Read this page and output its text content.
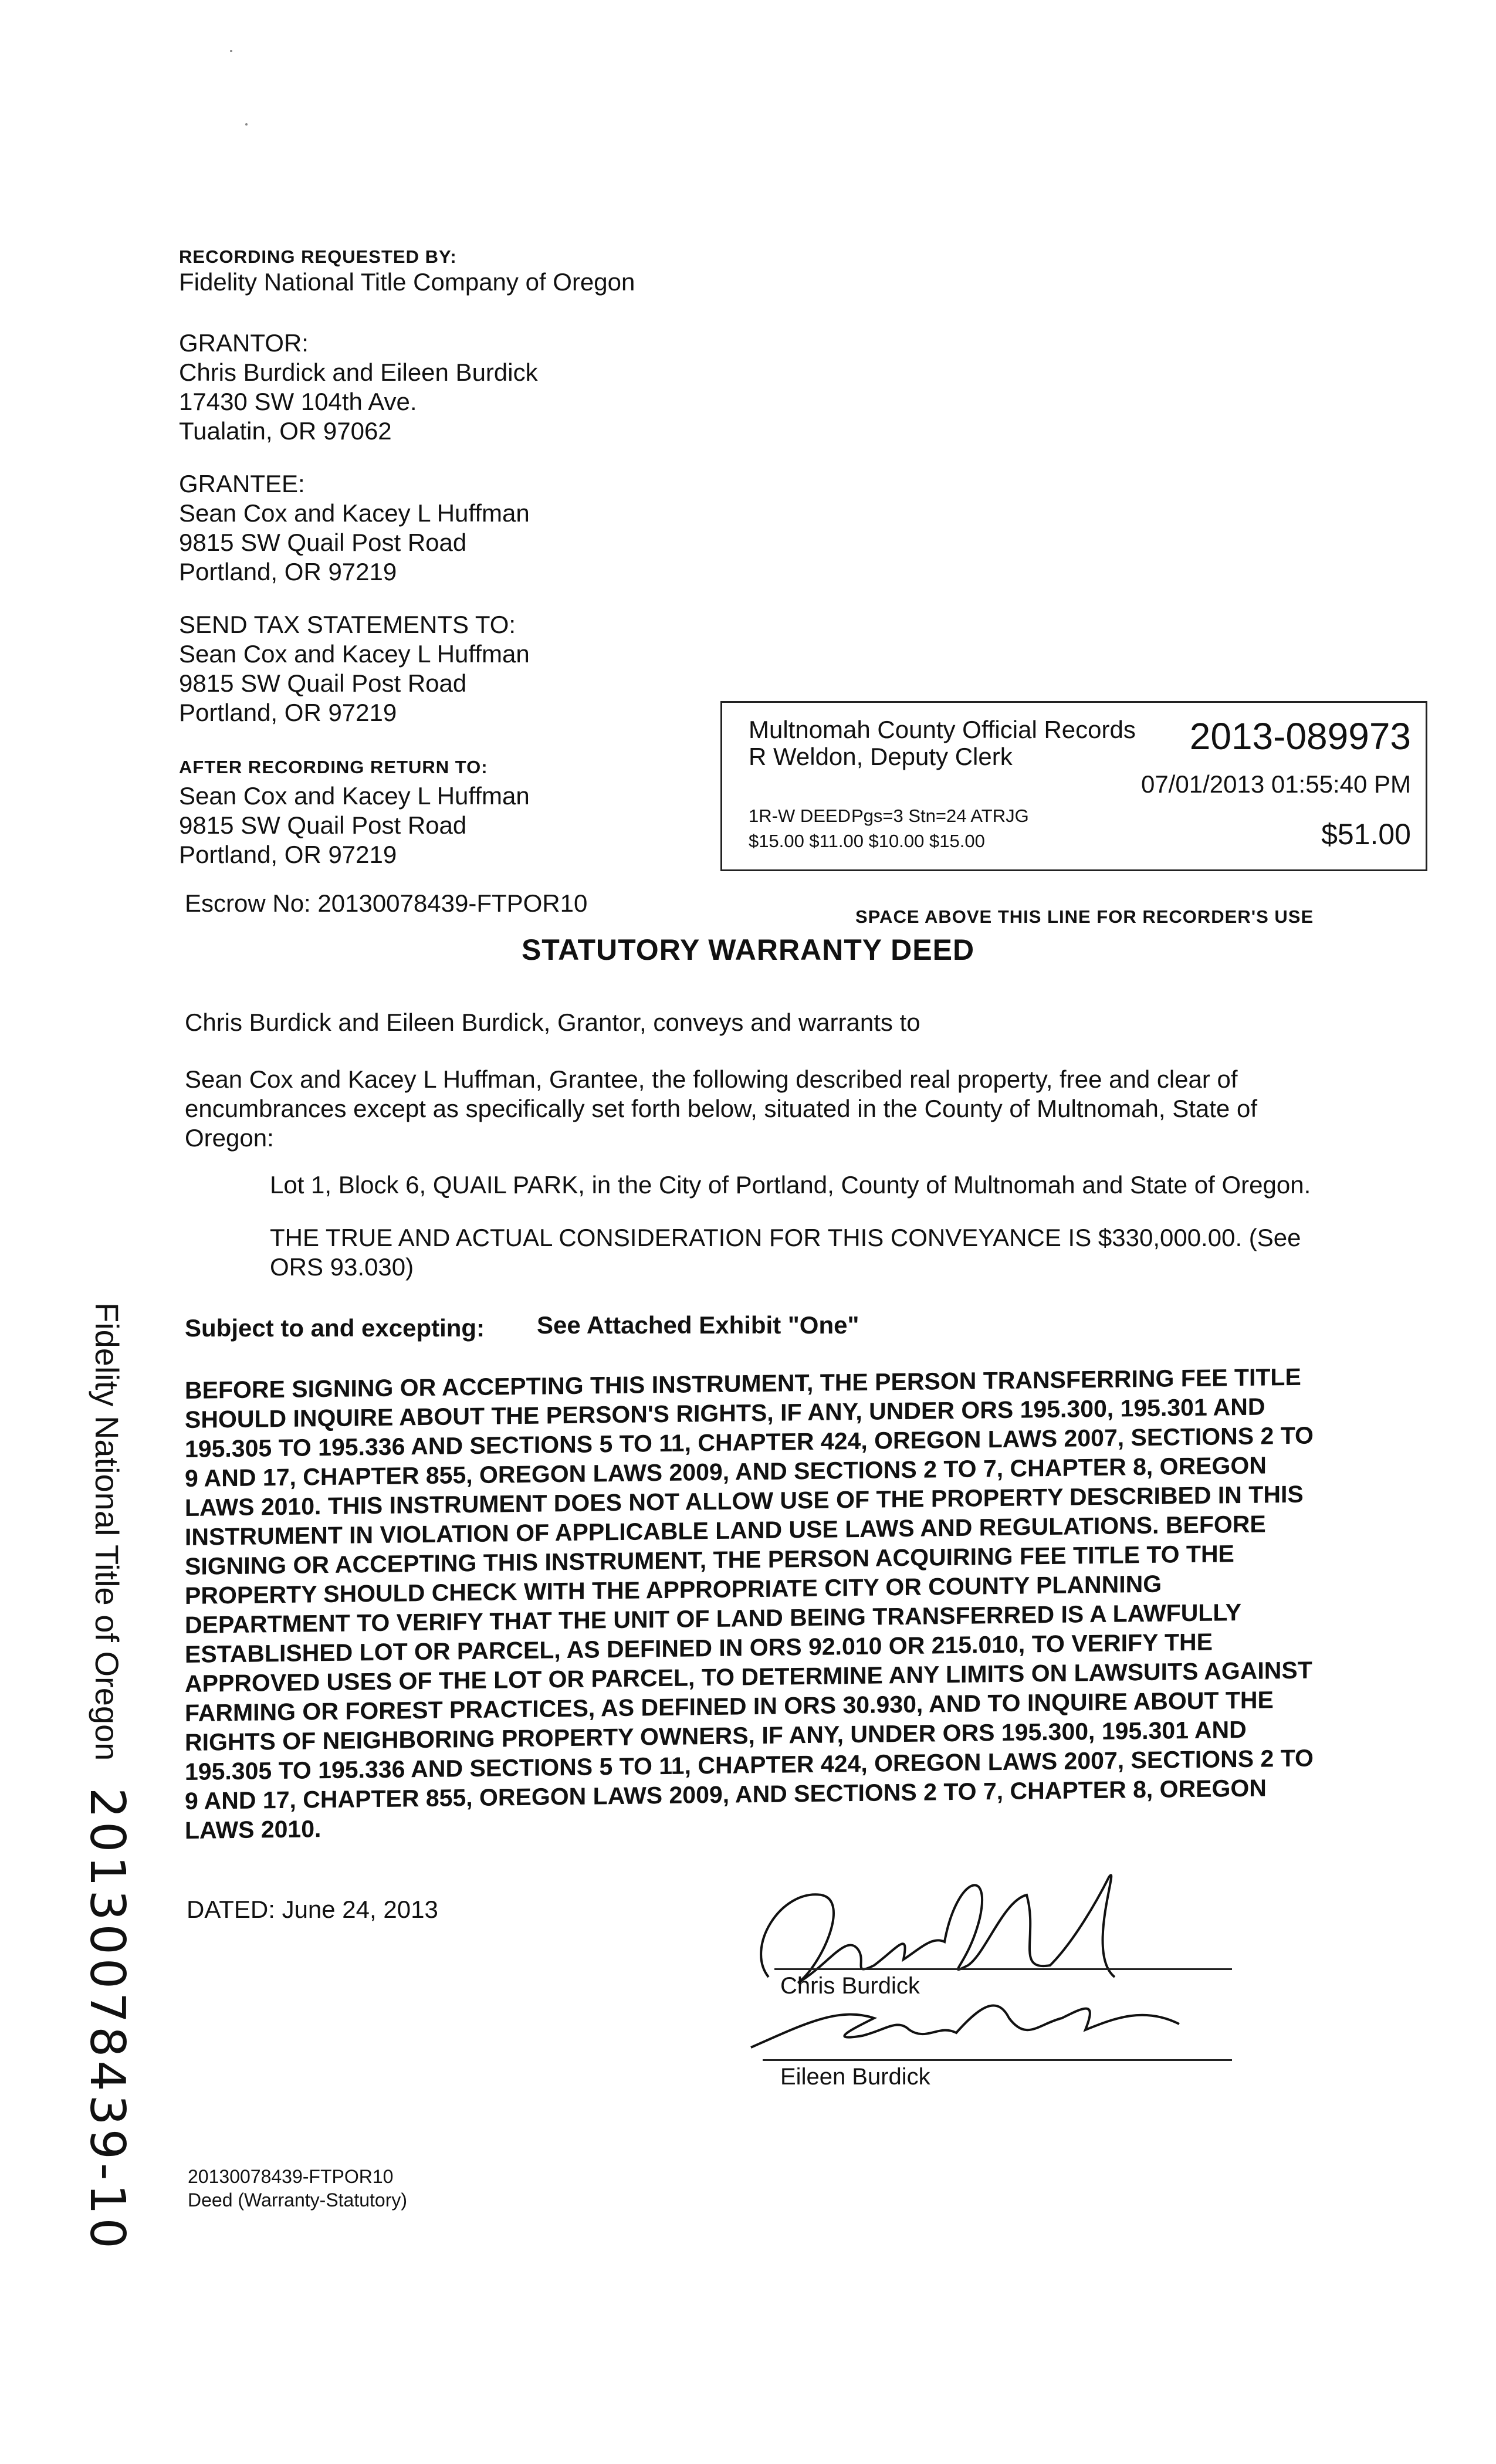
RECORDING REQUESTED BY:
Fidelity National Title Company of Oregon
GRANTOR:
Chris Burdick and Eileen Burdick
17430 SW 104th Ave.
Tualatin, OR 97062
GRANTEE:
Sean Cox and Kacey L Huffman
9815 SW Quail Post Road
Portland, OR 97219
SEND TAX STATEMENTS TO:
Sean Cox and Kacey L Huffman
9815 SW Quail Post Road
Portland, OR 97219
AFTER RECORDING RETURN TO:
Sean Cox and Kacey L Huffman
9815 SW Quail Post Road
Portland, OR 97219
Escrow No: 20130078439-FTPOR10
Multnomah County Official Records
R Weldon, Deputy Clerk	2013-089973
07/01/2013 01:55:40 PM
1R-W DEED Pgs=3 Stn=24 ATRJG
$15.00 $11.00 $10.00 $15.00	$51.00
SPACE ABOVE THIS LINE FOR RECORDER'S USE
STATUTORY WARRANTY DEED
Chris Burdick and Eileen Burdick, Grantor, conveys and warrants to
Sean Cox and Kacey L Huffman, Grantee, the following described real property, free and clear of encumbrances except as specifically set forth below, situated in the County of Multnomah, State of Oregon:
Lot 1, Block 6, QUAIL PARK, in the City of Portland, County of Multnomah and State of Oregon.
THE TRUE AND ACTUAL CONSIDERATION FOR THIS CONVEYANCE IS $330,000.00. (See ORS 93.030)
Subject to and excepting: See Attached Exhibit "One"
BEFORE SIGNING OR ACCEPTING THIS INSTRUMENT, THE PERSON TRANSFERRING FEE TITLE SHOULD INQUIRE ABOUT THE PERSON'S RIGHTS, IF ANY, UNDER ORS 195.300, 195.301 AND 195.305 TO 195.336 AND SECTIONS 5 TO 11, CHAPTER 424, OREGON LAWS 2007, SECTIONS 2 TO 9 AND 17, CHAPTER 855, OREGON LAWS 2009, AND SECTIONS 2 TO 7, CHAPTER 8, OREGON LAWS 2010. THIS INSTRUMENT DOES NOT ALLOW USE OF THE PROPERTY DESCRIBED IN THIS INSTRUMENT IN VIOLATION OF APPLICABLE LAND USE LAWS AND REGULATIONS. BEFORE SIGNING OR ACCEPTING THIS INSTRUMENT, THE PERSON ACQUIRING FEE TITLE TO THE PROPERTY SHOULD CHECK WITH THE APPROPRIATE CITY OR COUNTY PLANNING DEPARTMENT TO VERIFY THAT THE UNIT OF LAND BEING TRANSFERRED IS A LAWFULLY ESTABLISHED LOT OR PARCEL, AS DEFINED IN ORS 92.010 OR 215.010, TO VERIFY THE APPROVED USES OF THE LOT OR PARCEL, TO DETERMINE ANY LIMITS ON LAWSUITS AGAINST FARMING OR FOREST PRACTICES, AS DEFINED IN ORS 30.930, AND TO INQUIRE ABOUT THE RIGHTS OF NEIGHBORING PROPERTY OWNERS, IF ANY, UNDER ORS 195.300, 195.301 AND 195.305 TO 195.336 AND SECTIONS 5 TO 11, CHAPTER 424, OREGON LAWS 2007, SECTIONS 2 TO 9 AND 17, CHAPTER 855, OREGON LAWS 2009, AND SECTIONS 2 TO 7, CHAPTER 8, OREGON LAWS 2010.
DATED: June 24, 2013
Chris Burdick
Eileen Burdick
Fidelity National Title of Oregon 20130078439-10	20130078439-FTPOR10
Deed (Warranty-Statutory)
